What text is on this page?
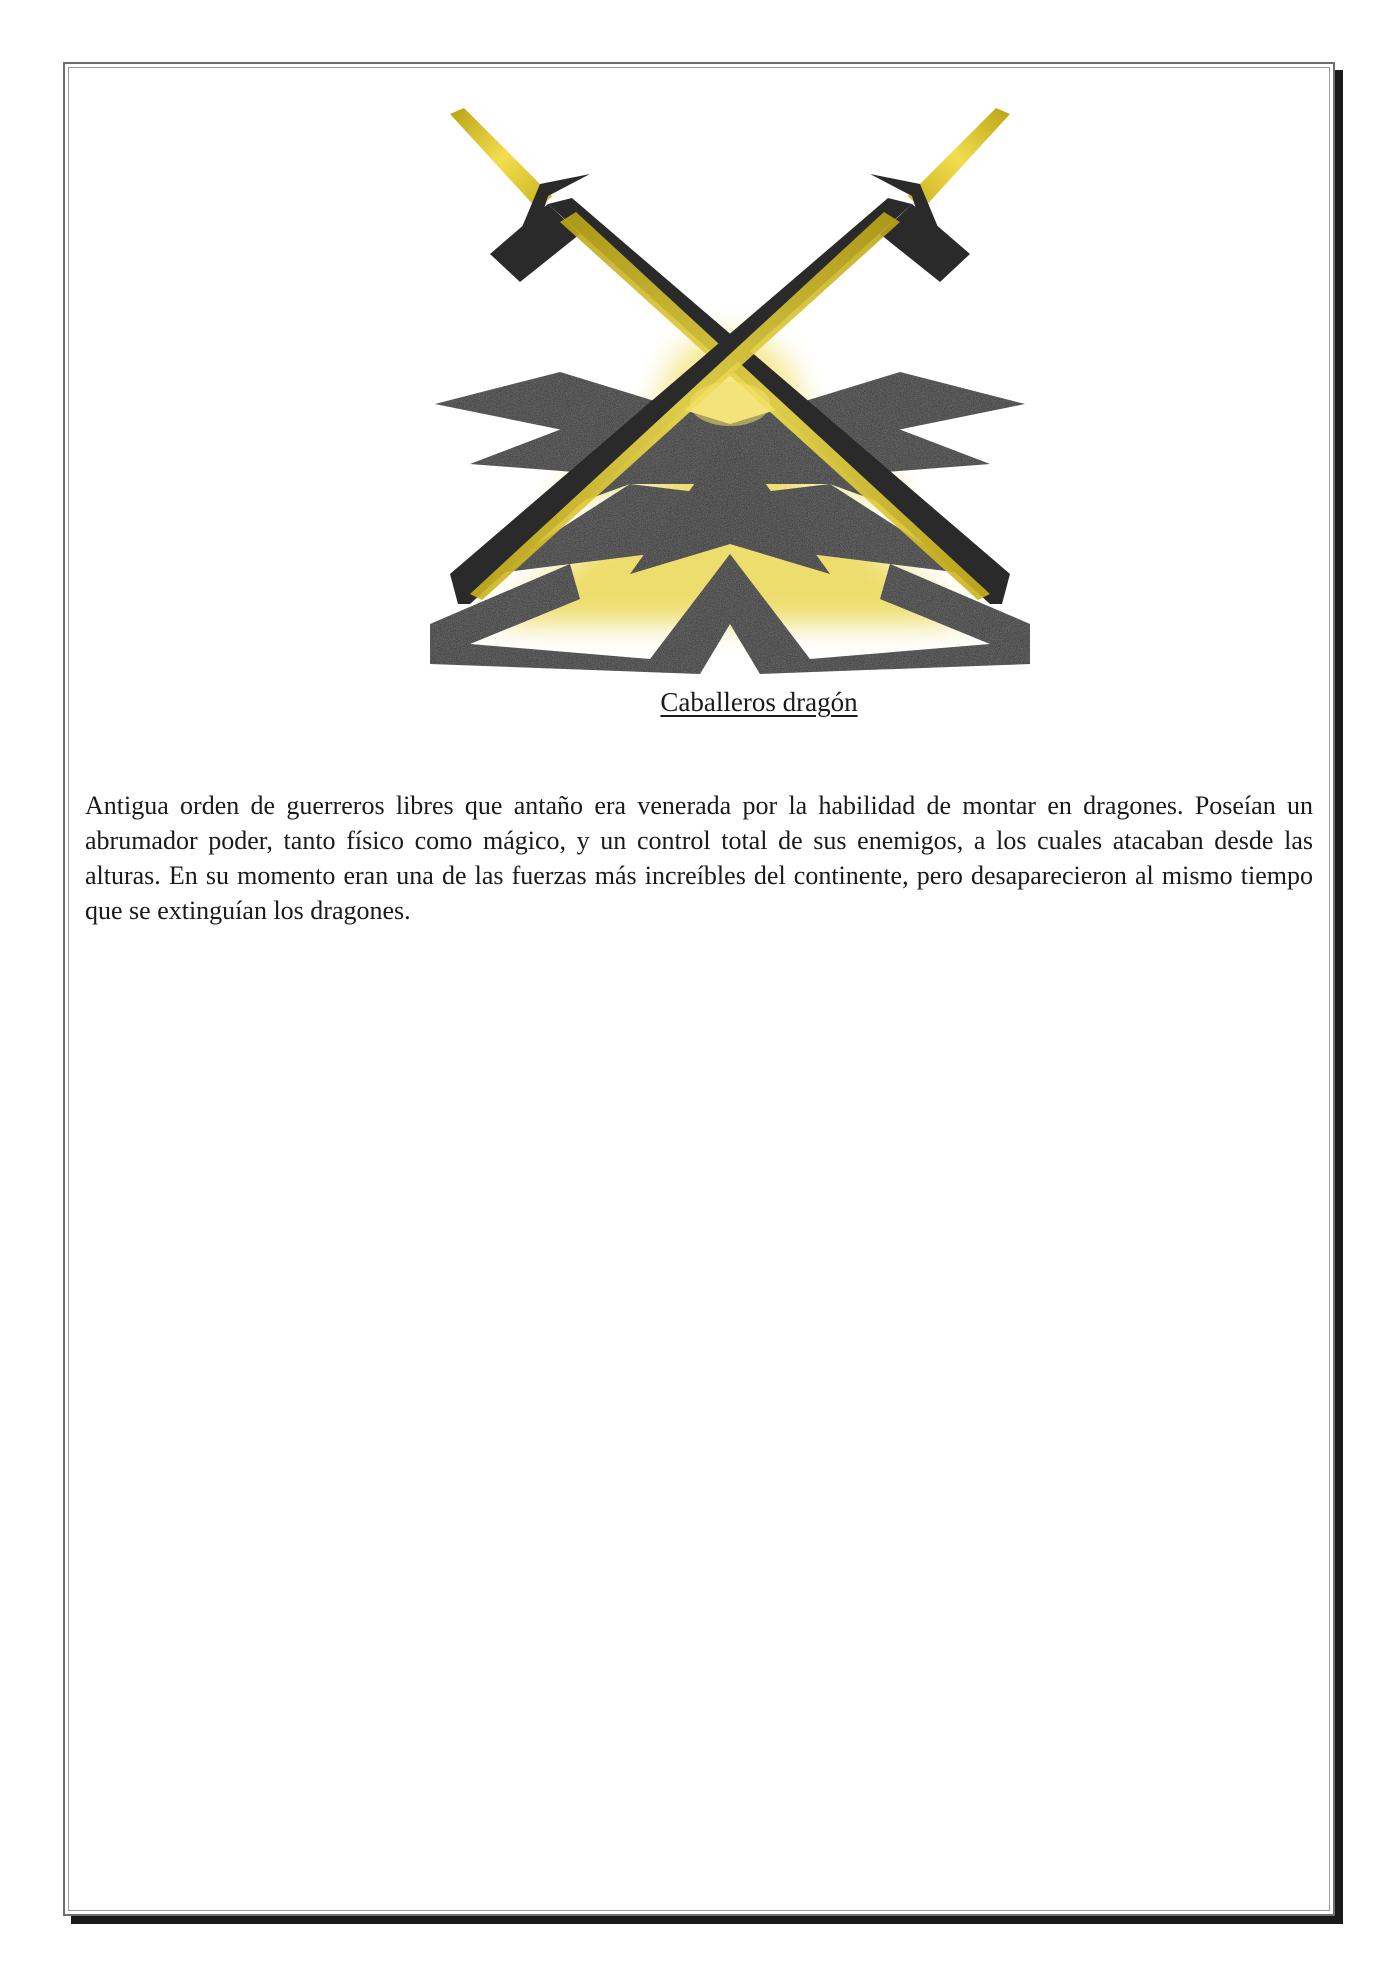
Caballeros dragón

Antigua orden de guerreros libres que antaño era venerada por la habilidad de montar en dragones. Poseían un abrumador poder, tanto físico como mágico, y un control total de sus enemigos, a los cuales atacaban desde las alturas. En su momento eran una de las fuerzas más increíbles del continente, pero desaparecieron al mismo tiempo que se extinguían los dragones.
